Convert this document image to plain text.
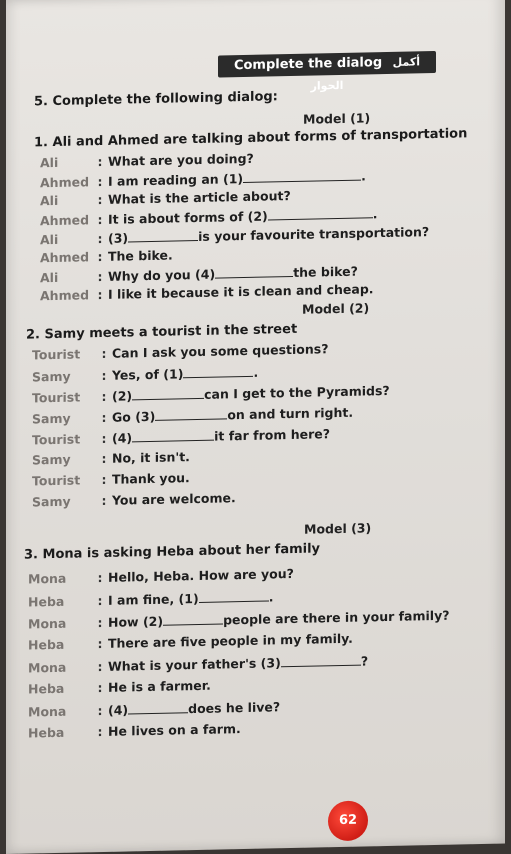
Complete the dialog أكمل الحوار
5. Complete the following dialog:
Model (1)
1. Ali and Ahmed are talking about forms of transportation
Ali	: What are you doing?
Ahmed : I am reading an (1)	.
Ali	: What is the article about?
Ahmed : It is about forms of (2)	.
Ali	: (3)	is your favourite transportation?
Ahmed : The bike.
Ali	: Why do you (4)	the bike?
Ahmed : I like it because it is clean and cheap.
Model (2)
2. Samy meets a tourist in the street
Tourist : Can I ask you some questions?
Samy : Yes, of (1)	.
Tourist : (2)	can I get to the Pyramids?
Samy : Go (3)	on and turn right.
Tourist : (4)	it far from here?
Samy : No, it isn't.
Tourist : Thank you.
Samy : You are welcome.
Model (3)
3. Mona is asking Heba about her family
Mona : Hello, Heba. How are you?
Heba	: I am fine, (1)	.
Mona : How (2)	people are there in your family?
Heba	: There are five people in my family.
Mona : What is your father's (3)	?
Heba	: He is a farmer.
Mona : (4)	does he live?
Heba	: He lives on a farm.
62
